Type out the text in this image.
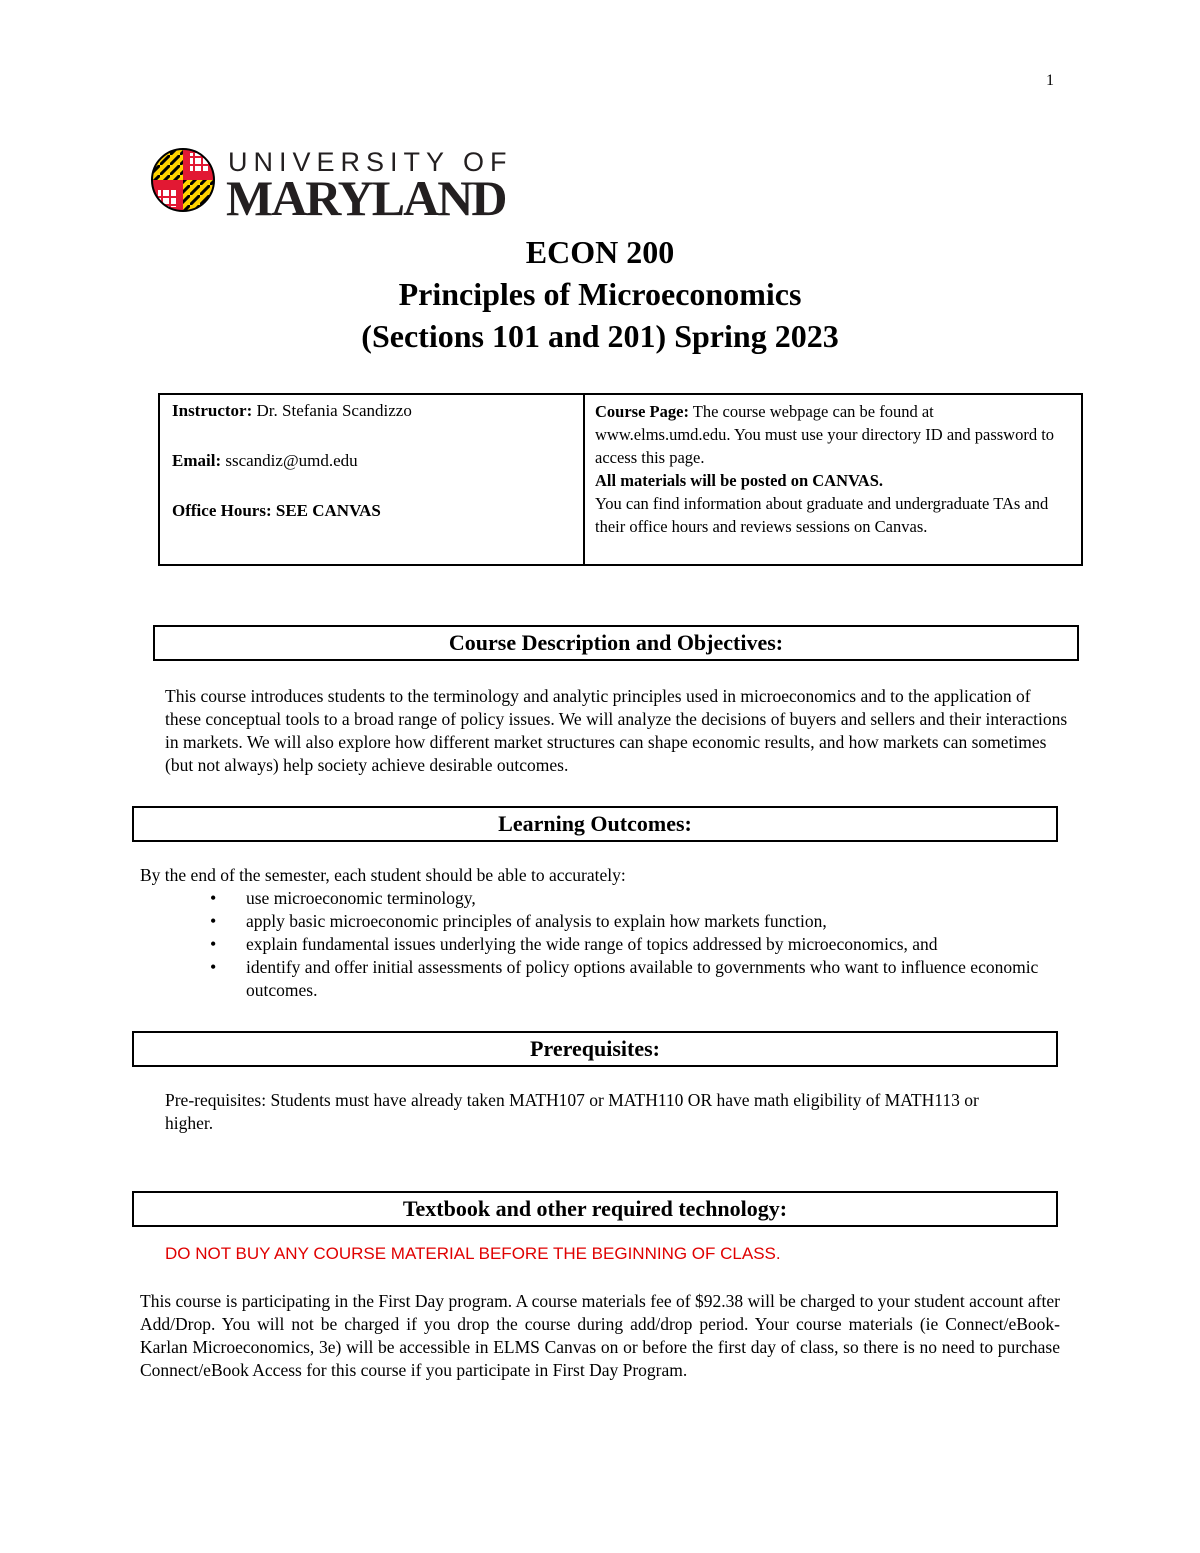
1
UNIVERSITY OF
MARYLAND
ECON 200
Principles of Microeconomics
(Sections 101 and 201) Spring 2023
Instructor: Dr. Stefania Scandizzo
Email: sscandiz@umd.edu
Office Hours: SEE CANVAS
Course Page: The course webpage can be found at www.elms.umd.edu. You must use your directory ID and password to access this page.
All materials will be posted on CANVAS.
You can find information about graduate and undergraduate TAs and their office hours and reviews sessions on Canvas.
Course Description and Objectives:
This course introduces students to the terminology and analytic principles used in microeconomics and to the application of these conceptual tools to a broad range of policy issues. We will analyze the decisions of buyers and sellers and their interactions in markets. We will also explore how different market structures can shape economic results, and how markets can sometimes (but not always) help society achieve desirable outcomes.
Learning Outcomes:
By the end of the semester, each student should be able to accurately:
• use microeconomic terminology,
• apply basic microeconomic principles of analysis to explain how markets function,
• explain fundamental issues underlying the wide range of topics addressed by microeconomics, and
• identify and offer initial assessments of policy options available to governments who want to influence economic outcomes.
Prerequisites:
Pre-requisites: Students must have already taken MATH107 or MATH110 OR have math eligibility of MATH113 or higher.
Textbook and other required technology:
DO NOT BUY ANY COURSE MATERIAL BEFORE THE BEGINNING OF CLASS.
This course is participating in the First Day program. A course materials fee of $92.38 will be charged to your student account after Add/Drop. You will not be charged if you drop the course during add/drop period. Your course materials (ie Connect/eBook- Karlan Microeconomics, 3e) will be accessible in ELMS Canvas on or before the first day of class, so there is no need to purchase Connect/eBook Access for this course if you participate in First Day Program.
